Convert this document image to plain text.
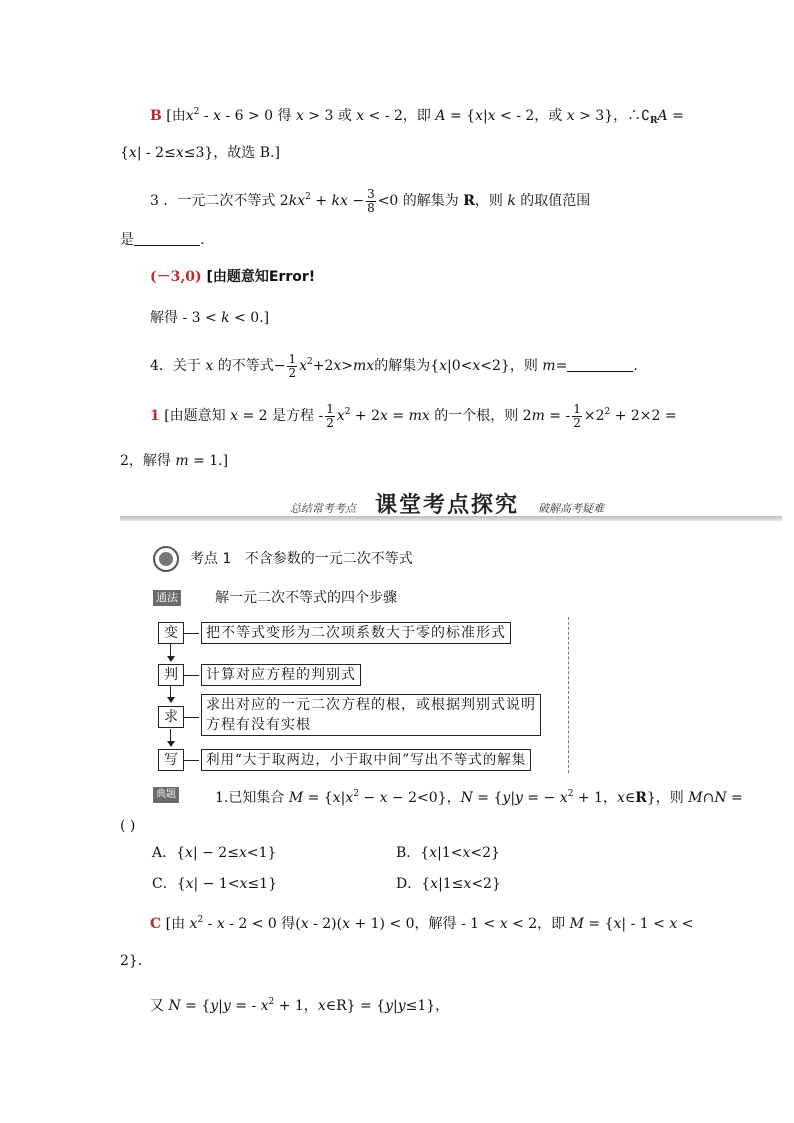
B [由$x^2 - x - 6 > 0$ 得 x > 3 或 x < - 2，即 A = {x|x < - 2，或 x > 3}，$\therefore∁_RA$ =
{x| - 2≤x≤3}，故选 B.]
3 ．一元二次不等式 $2kx^2$ + kx − $\frac{3}{8} <0$ 的解集为 R，则 k 的取值范围
是	.
(－3,0) [由题意知Error!
解得 - 3 < k < 0.]
4．关于 x 的不等式− $\frac{1}{2} x^2+2x>mx$的解集为{x|0<x<2}，则 m=	.
1 [由题意知 x = 2 是方程 - $\frac{1}{2} x^2 + 2x$ = mx 的一个根，则 2m = - $\frac{1}{2} \times 2^2 + 2\times 2$ =
2，解得 m = 1.]
总结常考考点 课堂考点探究 破解高考疑难
考点 1 不含参数的一元二次不等式
通法	解一元二次不等式的四个步骤
变	把不等式变形为二次项系数大于零的标准形式
判	计算对应方程的判别式
求
求出对应的一元二次方程的根，或根据判别式说明
方程有没有实根
写	利用“大于取两边，小于取中间”写出不等式的解集
典题	1.已知集合 $M = \{x|x^2 - x - 2<0\}$，N = {y|y = − $x^2 + 1$，x∈R}，则 M∩N =
( )
A．{x| − 2≤x<1}	B．{x|1<x<2}
C．{x| − 1<x≤1}	D．{x|1≤x<2}
C [由 $x^2 - x - 2 < 0$ 得(x - 2)(x + 1) < 0，解得 - 1 < x < 2，即 M = {x| - 1 < x <
2}．
又 N = {y|y = - $x^2 + 1$，x∈R} = {y|y≤1}，
